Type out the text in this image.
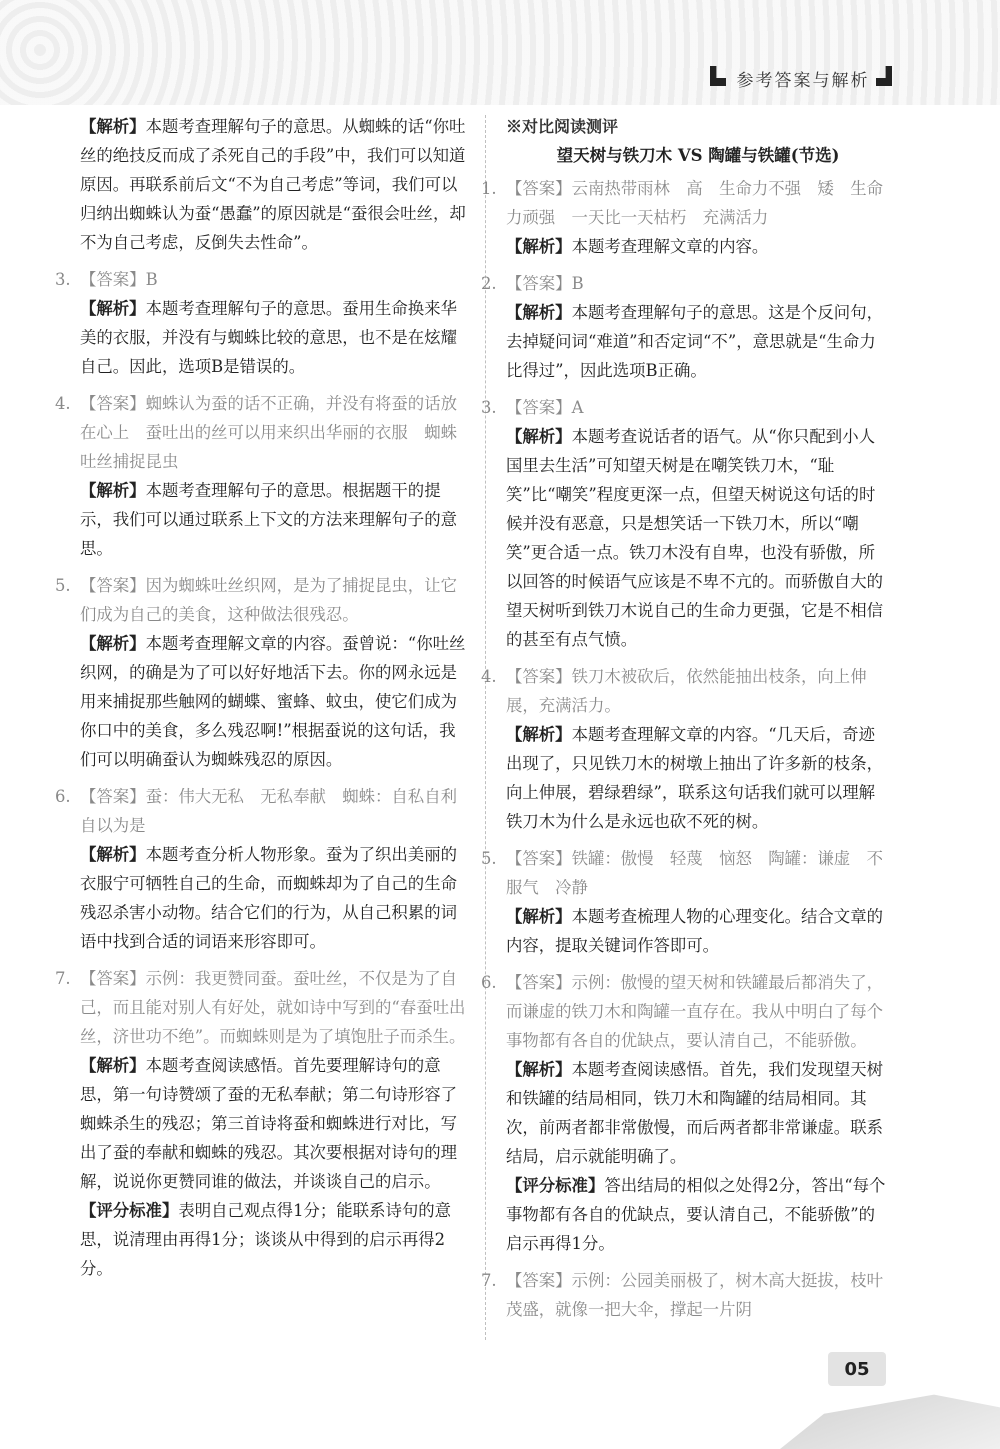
参考答案与解析

【解析】本题考查理解句子的意思。从蜘蛛的话“你吐丝的绝技反而成了杀死自己的手段”中，我们可以知道原因。再联系前后文“不为自己考虑”等词，我们可以归纳出蜘蛛认为蚕“愚蠢”的原因就是“蚕很会吐丝，却不为自己考虑，反倒失去性命”。

3. 【答案】B

【解析】本题考查理解句子的意思。蚕用生命换来华美的衣服，并没有与蜘蛛比较的意思，也不是在炫耀自己。因此，选项B是错误的。

4. 【答案】蜘蛛认为蚕的话不正确，并没有将蚕的话放在心上　蚕吐出的丝可以用来织出华丽的衣服　蜘蛛吐丝捕捉昆虫

【解析】本题考查理解句子的意思。根据题干的提示，我们可以通过联系上下文的方法来理解句子的意思。

5. 【答案】因为蜘蛛吐丝织网，是为了捕捉昆虫，让它们成为自己的美食，这种做法很残忍。

【解析】本题考查理解文章的内容。蚕曾说：“你吐丝织网，的确是为了可以好好地活下去。你的网永远是用来捕捉那些触网的蝴蝶、蜜蜂、蚊虫，使它们成为你口中的美食，多么残忍啊!”根据蚕说的这句话，我们可以明确蚕认为蜘蛛残忍的原因。

6. 【答案】蚕：伟大无私　无私奉献　蜘蛛：自私自利　自以为是

【解析】本题考查分析人物形象。蚕为了织出美丽的衣服宁可牺牲自己的生命，而蜘蛛却为了自己的生命残忍杀害小动物。结合它们的行为，从自己积累的词语中找到合适的词语来形容即可。

7. 【答案】示例：我更赞同蚕。蚕吐丝，不仅是为了自己，而且能对别人有好处，就如诗中写到的“春蚕吐出丝，济世功不绝”。而蜘蛛则是为了填饱肚子而杀生。

【解析】本题考查阅读感悟。首先要理解诗句的意思，第一句诗赞颂了蚕的无私奉献；第二句诗形容了蜘蛛杀生的残忍；第三首诗将蚕和蜘蛛进行对比，写出了蚕的奉献和蜘蛛的残忍。其次要根据对诗句的理解，说说你更赞同谁的做法，并谈谈自己的启示。

【评分标准】表明自己观点得1分；能联系诗句的意思，说清理由再得1分；谈谈从中得到的启示再得2分。

※对比阅读测评

望天树与铁刀木 VS 陶罐与铁罐(节选)

1. 【答案】云南热带雨林　高　生命力不强　矮　生命力顽强　一天比一天枯朽　充满活力

【解析】本题考查理解文章的内容。

2. 【答案】B

【解析】本题考查理解句子的意思。这是个反问句，去掉疑问词“难道”和否定词“不”，意思就是“生命力比得过”，因此选项B正确。

3. 【答案】A

【解析】本题考查说话者的语气。从“你只配到小人国里去生活”可知望天树是在嘲笑铁刀木，“耻笑”比“嘲笑”程度更深一点，但望天树说这句话的时候并没有恶意，只是想笑话一下铁刀木，所以“嘲笑”更合适一点。铁刀木没有自卑，也没有骄傲，所以回答的时候语气应该是不卑不亢的。而骄傲自大的望天树听到铁刀木说自己的生命力更强，它是不相信的甚至有点气愤。

4. 【答案】铁刀木被砍后，依然能抽出枝条，向上伸展，充满活力。

【解析】本题考查理解文章的内容。“几天后，奇迹出现了，只见铁刀木的树墩上抽出了许多新的枝条，向上伸展，碧绿碧绿”，联系这句话我们就可以理解铁刀木为什么是永远也砍不死的树。

5. 【答案】铁罐：傲慢　轻蔑　恼怒　陶罐：谦虚　不服气　冷静

【解析】本题考查梳理人物的心理变化。结合文章的内容，提取关键词作答即可。

6. 【答案】示例：傲慢的望天树和铁罐最后都消失了，而谦虚的铁刀木和陶罐一直存在。我从中明白了每个事物都有各自的优缺点，要认清自己，不能骄傲。

【解析】本题考查阅读感悟。首先，我们发现望天树和铁罐的结局相同，铁刀木和陶罐的结局相同。其次，前两者都非常傲慢，而后两者都非常谦虚。联系结局，启示就能明确了。

【评分标准】答出结局的相似之处得2分，答出“每个事物都有各自的优缺点，要认清自己，不能骄傲”的启示再得1分。

7. 【答案】示例：公园美丽极了，树木高大挺拔，枝叶茂盛，就像一把大伞，撑起一片阴

05
